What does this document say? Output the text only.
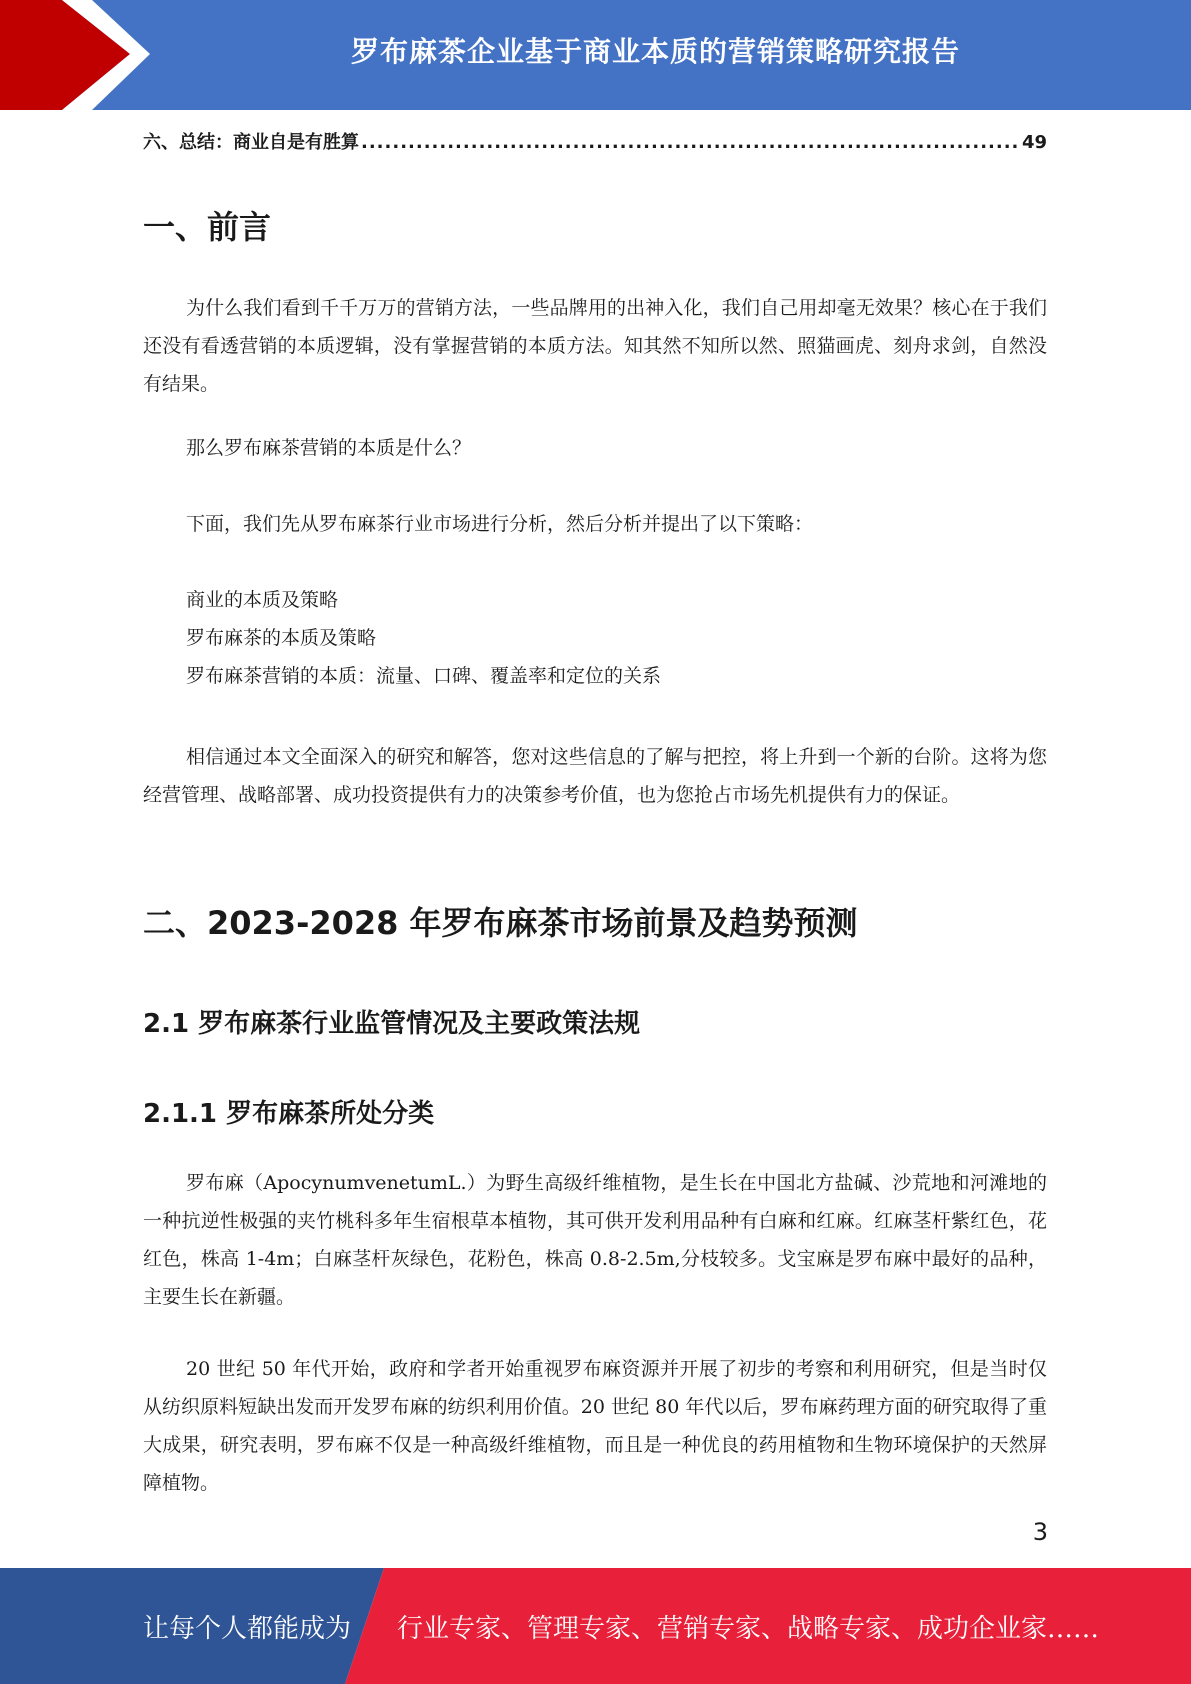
罗布麻茶企业基于商业本质的营销策略研究报告
六、总结：商业自是有胜算
.....	49
一、前言

为什么我们看到千千万万的营销方法，一些品牌用的出神入化，我们自己用却毫无效果？核心在于我们还没有看透营销的本质逻辑，没有掌握营销的本质方法。知其然不知所以然、照猫画虎、刻舟求剑，自然没有结果。

那么罗布麻茶营销的本质是什么？

下面，我们先从罗布麻茶行业市场进行分析，然后分析并提出了以下策略：

商业的本质及策略

罗布麻茶的本质及策略

罗布麻茶营销的本质：流量、口碑、覆盖率和定位的关系

相信通过本文全面深入的研究和解答，您对这些信息的了解与把控，将上升到一个新的台阶。这将为您经营管理、战略部署、成功投资提供有力的决策参考价值，也为您抢占市场先机提供有力的保证。

二、2023-2028 年罗布麻茶市场前景及趋势预测
2.1 罗布麻茶行业监管情况及主要政策法规
2.1.1 罗布麻茶所处分类

罗布麻（ApocynumvenetumL.）为野生高级纤维植物，是生长在中国北方盐碱、沙荒地和河滩地的一种抗逆性极强的夹竹桃科多年生宿根草本植物，其可供开发利用品种有白麻和红麻。红麻茎杆紫红色，花红色，株高 1-4m；白麻茎杆灰绿色，花粉色，株高 0.8-2.5m,分枝较多。戈宝麻是罗布麻中最好的品种，主要生长在新疆。

20 世纪 50 年代开始，政府和学者开始重视罗布麻资源并开展了初步的考察和利用研究，但是当时仅从纺织原料短缺出发而开发罗布麻的纺织利用价值。20 世纪 80 年代以后，罗布麻药理方面的研究取得了重大成果，研究表明，罗布麻不仅是一种高级纤维植物，而且是一种优良的药用植物和生物环境保护的天然屏障植物。

3
让每个人都能成为 行业专家、管理专家、营销专家、战略专家、成功企业家……
